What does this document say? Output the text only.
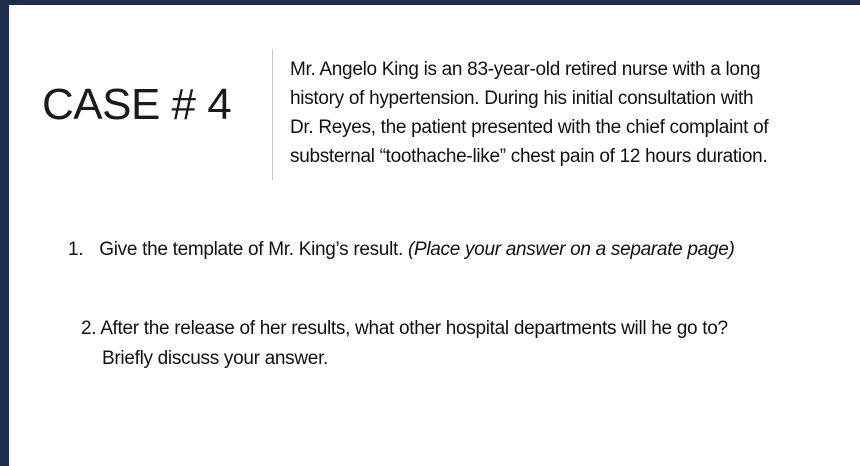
CASE # 4
Mr. Angelo King is an 83-year-old retired nurse with a long
history of hypertension. During his initial consultation with
Dr. Reyes, the patient presented with the chief complaint of
substernal “toothache-like” chest pain of 12 hours duration.
1. Give the template of Mr. King’s result. (Place your answer on a separate page)
2. After the release of her results, what other hospital departments will he go to?
Briefly discuss your answer.
